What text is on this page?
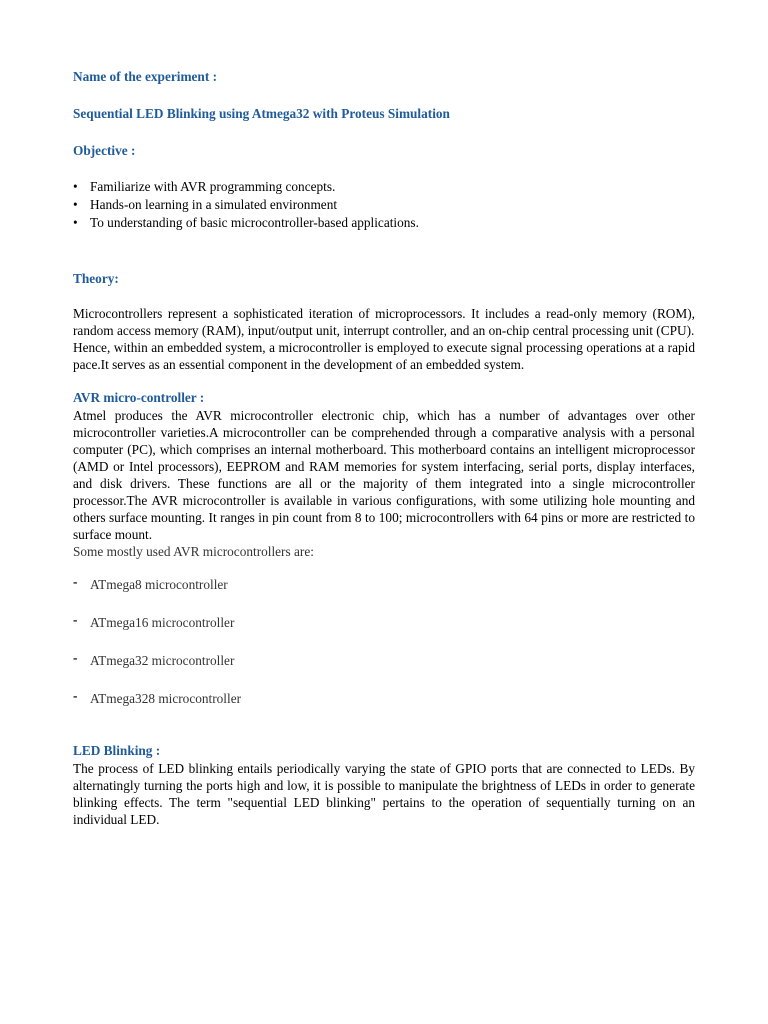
Name of the experiment :

Sequential LED Blinking using Atmega32 with Proteus Simulation

Objective :

• Familiarize with AVR programming concepts.
• Hands-on learning in a simulated environment
• To understanding of basic microcontroller-based applications.

Theory:

Microcontrollers represent a sophisticated iteration of microprocessors. It includes a read-only memory (ROM), random access memory (RAM), input/output unit, interrupt controller, and an on-chip central processing unit (CPU).

Hence, within an embedded system, a microcontroller is employed to execute signal processing operations at a rapid pace.It serves as an essential component in the development of an embedded system.

AVR micro-controller :

Atmel produces the AVR microcontroller electronic chip, which has a number of advantages over other microcontroller varieties.A microcontroller can be comprehended through a comparative analysis with a personal computer (PC), which comprises an internal motherboard. This motherboard contains an intelligent microprocessor (AMD or Intel processors), EEPROM and RAM memories for system interfacing, serial ports, display interfaces, and disk drivers. These functions are all or the majority of them integrated into a single microcontroller processor.The AVR microcontroller is available in various configurations, with some utilizing hole mounting and others surface mounting. It ranges in pin count from 8 to 100; microcontrollers with 64 pins or more are restricted to surface mount.

Some mostly used AVR microcontrollers are:

- ATmega8 microcontroller
- ATmega16 microcontroller
- ATmega32 microcontroller
- ATmega328 microcontroller

LED Blinking :

The process of LED blinking entails periodically varying the state of GPIO ports that are connected to LEDs. By alternatingly turning the ports high and low, it is possible to manipulate the brightness of LEDs in order to generate blinking effects. The term "sequential LED blinking" pertains to the operation of sequentially turning on an individual LED.
